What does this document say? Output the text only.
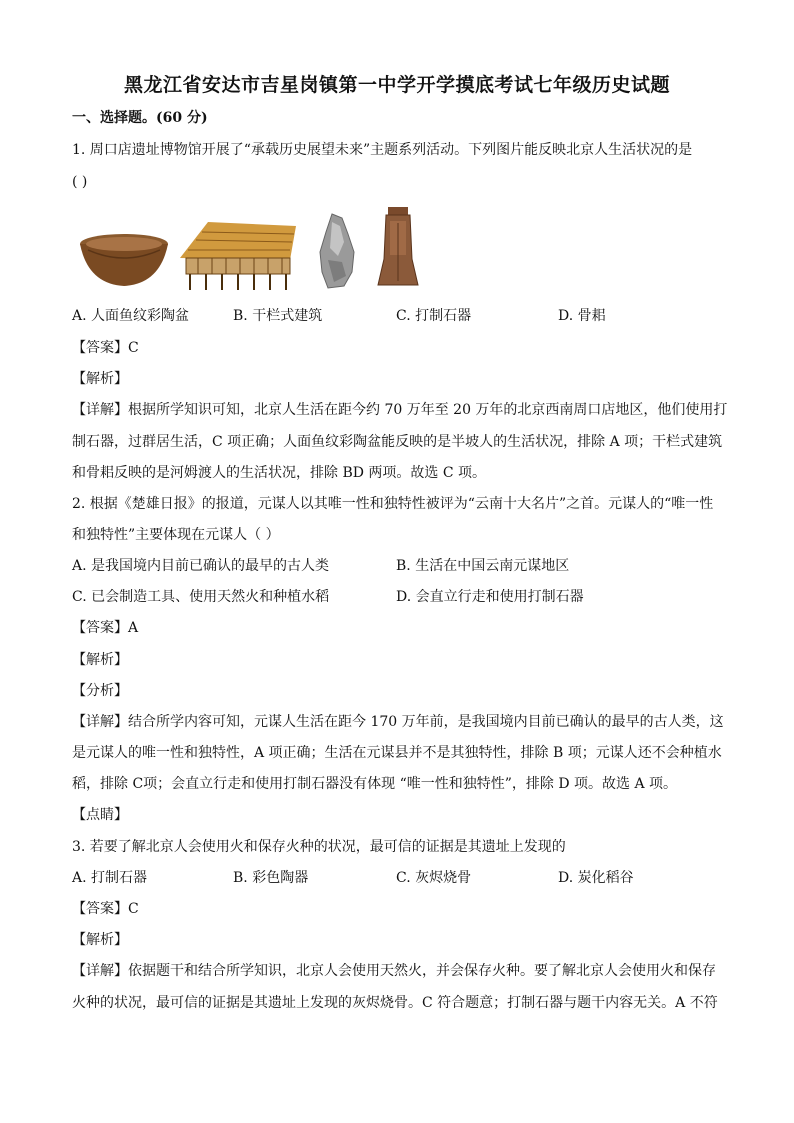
黑龙江省安达市吉星岗镇第一中学开学摸底考试七年级历史试题
一、选择题。(60 分)
1. 周口店遗址博物馆开展了“承载历史展望未来”主题系列活动。下列图片能反映北京人生活状况的是
( )
A. 人面鱼纹彩陶盆	B. 干栏式建筑	C. 打制石器	D. 骨耜
【答案】C
【解析】
【详解】根据所学知识可知，北京人生活在距今约 70 万年至 20 万年的北京西南周口店地区，他们使用打
制石器，过群居生活，C 项正确；人面鱼纹彩陶盆能反映的是半坡人的生活状况，排除 A 项；干栏式建筑
和骨耜反映的是河姆渡人的生活状况，排除 BD 两项。故选 C 项。
2. 根据《楚雄日报》的报道，元谋人以其唯一性和独特性被评为“云南十大名片”之首。元谋人的“唯一性
和独特性”主要体现在元谋人（ ）
A. 是我国境内目前已确认的最早的古人类	B. 生活在中国云南元谋地区
C. 已会制造工具、使用天然火和种植水稻	D. 会直立行走和使用打制石器
【答案】A
【解析】
【分析】
【详解】结合所学内容可知，元谋人生活在距今 170 万年前，是我国境内目前已确认的最早的古人类，这
是元谋人的唯一性和独特性，A 项正确；生活在元谋县并不是其独特性，排除 B 项；元谋人还不会种植水
稻，排除 C项；会直立行走和使用打制石器没有体现 “唯一性和独特性”，排除 D 项。故选 A 项。
【点睛】
3. 若要了解北京人会使用火和保存火种的状况，最可信的证据是其遗址上发现的
A. 打制石器	B. 彩色陶器	C. 灰烬烧骨	D. 炭化稻谷
【答案】C
【解析】
【详解】依据题干和结合所学知识，北京人会使用天然火，并会保存火种。要了解北京人会使用火和保存
火种的状况，最可信的证据是其遗址上发现的灰烬烧骨。C 符合题意；打制石器与题干内容无关。A 不符
